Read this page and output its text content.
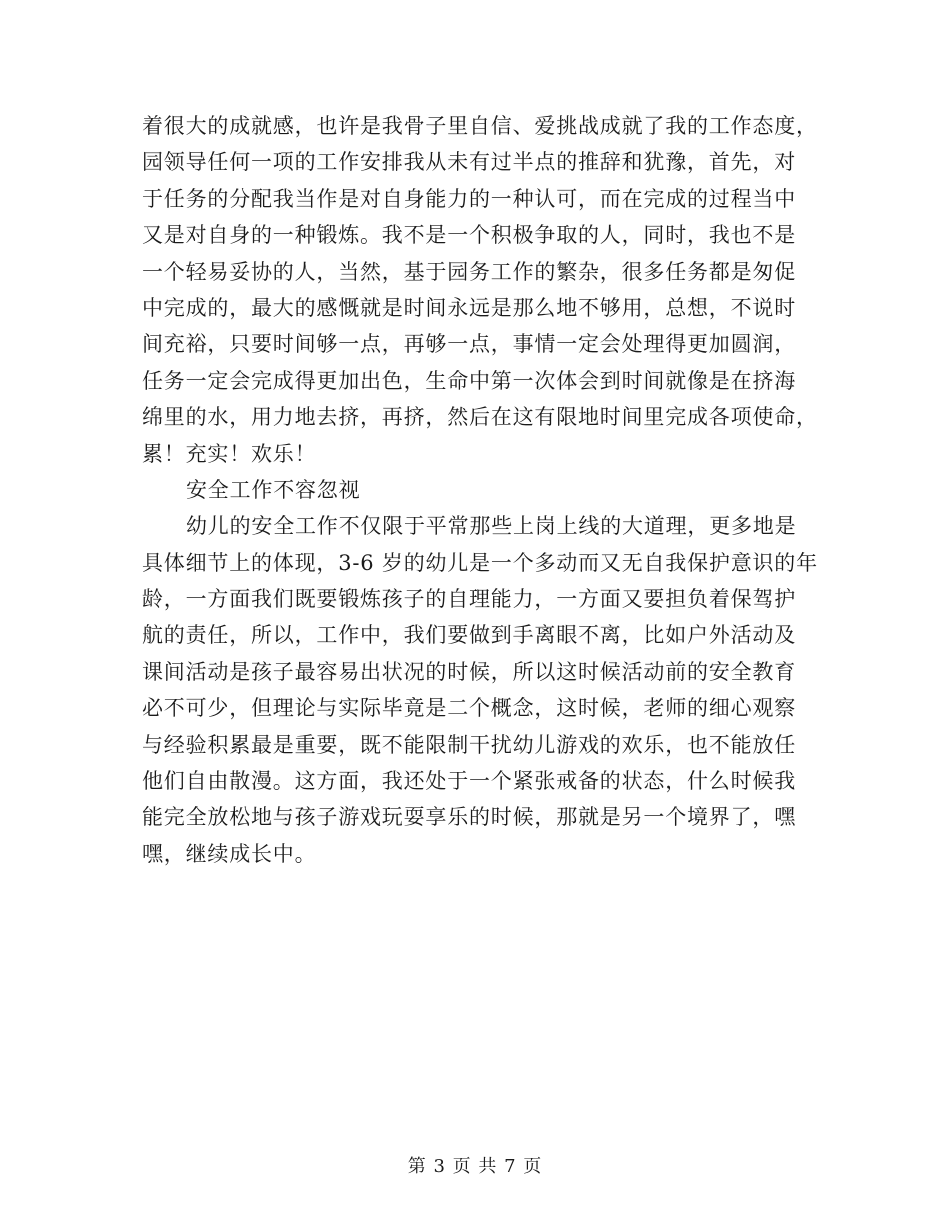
着很大的成就感，也许是我骨子里自信、爱挑战成就了我的工作态度，
园领导任何一项的工作安排我从未有过半点的推辞和犹豫，首先，对
于任务的分配我当作是对自身能力的一种认可，而在完成的过程当中
又是对自身的一种锻炼。我不是一个积极争取的人，同时，我也不是
一个轻易妥协的人，当然，基于园务工作的繁杂，很多任务都是匆促
中完成的，最大的感慨就是时间永远是那么地不够用，总想，不说时
间充裕，只要时间够一点，再够一点，事情一定会处理得更加圆润，
任务一定会完成得更加出色，生命中第一次体会到时间就像是在挤海
绵里的水，用力地去挤，再挤，然后在这有限地时间里完成各项使命，
累！充实！欢乐！
安全工作不容忽视
幼儿的安全工作不仅限于平常那些上岗上线的大道理，更多地是
具体细节上的体现，3-6 岁的幼儿是一个多动而又无自我保护意识的年
龄，一方面我们既要锻炼孩子的自理能力，一方面又要担负着保驾护
航的责任，所以，工作中，我们要做到手离眼不离，比如户外活动及
课间活动是孩子最容易出状况的时候，所以这时候活动前的安全教育
必不可少，但理论与实际毕竟是二个概念，这时候，老师的细心观察
与经验积累最是重要，既不能限制干扰幼儿游戏的欢乐，也不能放任
他们自由散漫。这方面，我还处于一个紧张戒备的状态，什么时候我
能完全放松地与孩子游戏玩耍享乐的时候，那就是另一个境界了，嘿
嘿，继续成长中。
第 3 页 共 7 页
